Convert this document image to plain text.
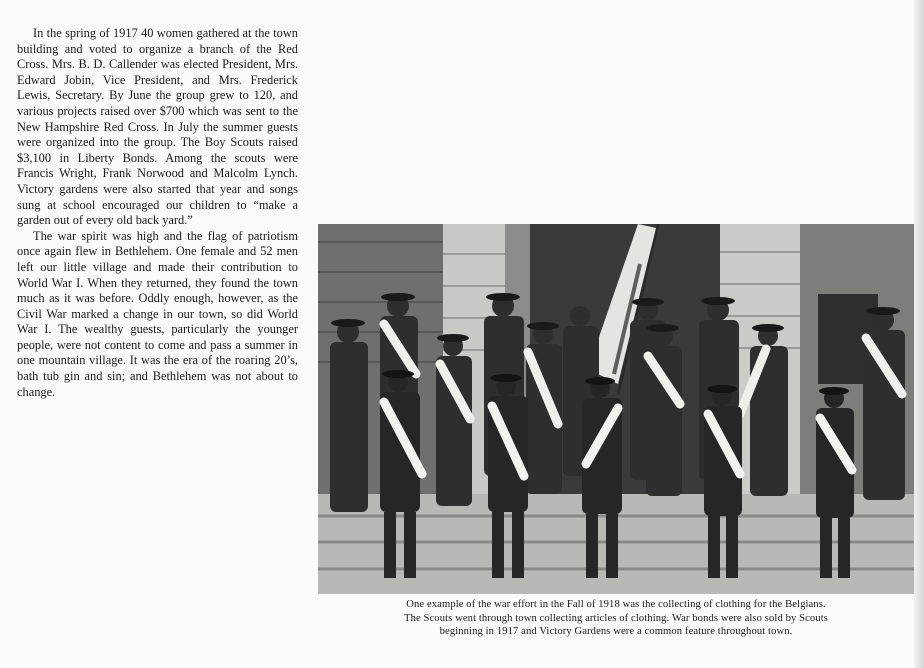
In the spring of 1917 40 women gathered at the town building and voted to organize a branch of the Red Cross. Mrs. B. D. Callender was elected President, Mrs. Edward Jobin, Vice President, and Mrs. Frederick Lewis, Secretary. By June the group grew to 120, and various projects raised over $700 which was sent to the New Hampshire Red Cross. In July the summer guests were organized into the group. The Boy Scouts raised $3,100 in Liberty Bonds. Among the scouts were Francis Wright, Frank Norwood and Malcolm Lynch. Victory gardens were also started that year and songs sung at school encouraged our children to “make a garden out of every old back yard.”

The war spirit was high and the flag of patriotism once again flew in Bethlehem. One female and 52 men left our little village and made their contribution to World War I. When they returned, they found the town much as it was before. Oddly enough, however, as the Civil War marked a change in our town, so did World War I. The wealthy guests, particularly the younger people, were not content to come and pass a summer in one mountain village. It was the era of the roaring 20’s, bath tub gin and sin; and Bethlehem was not about to change.

One example of the war effort in the Fall of 1918 was the collecting of clothing for the Belgians.
The Scouts went through town collecting articles of clothing. War bonds were also sold by Scouts
beginning in 1917 and Victory Gardens were a common feature throughout town.
